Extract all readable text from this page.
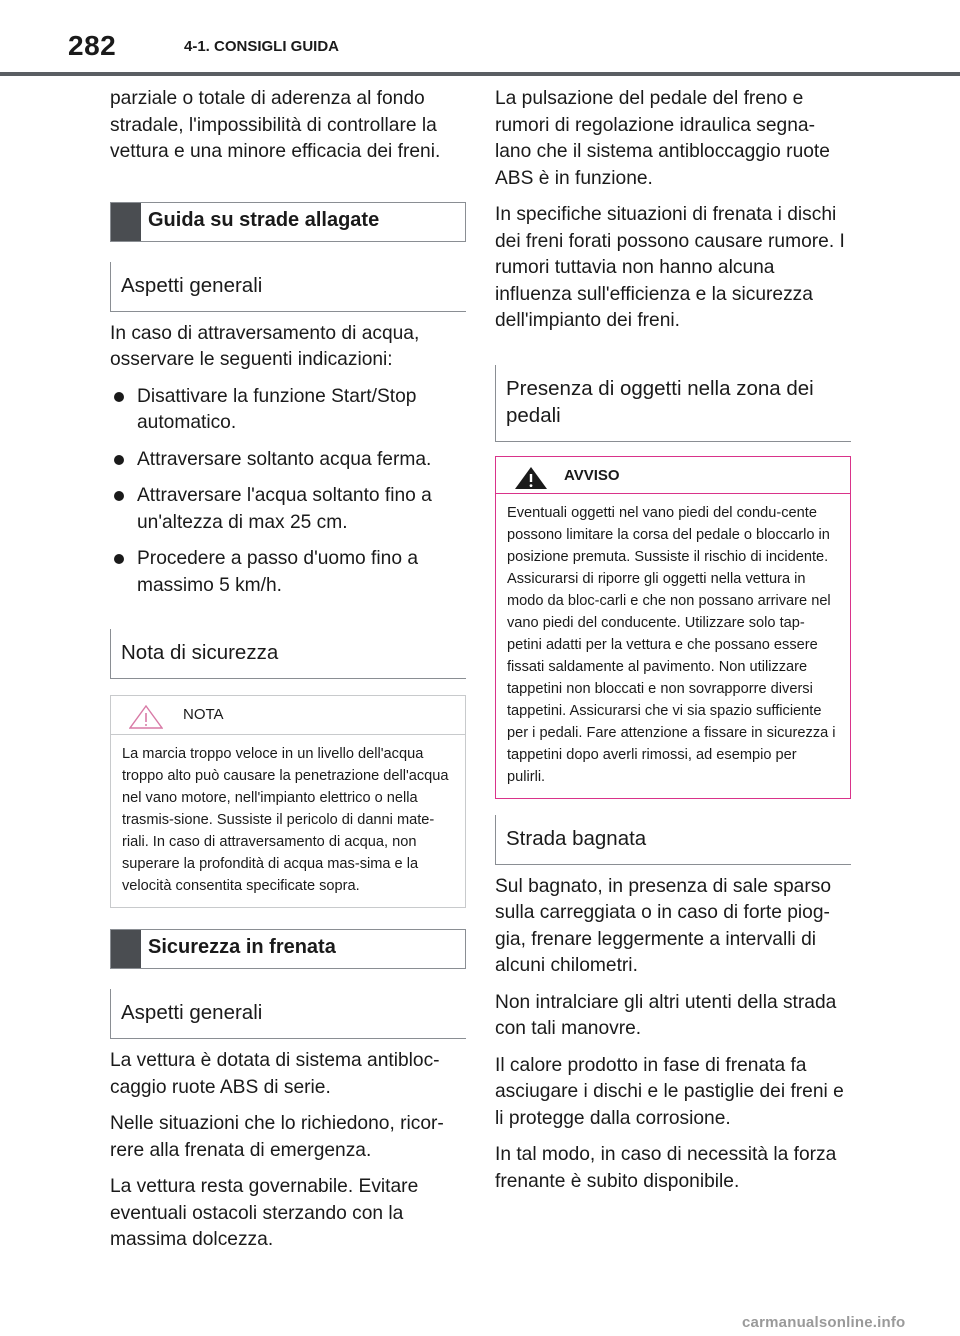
282	4-1. CONSIGLI GUIDA

parziale o totale di aderenza al fondo stradale, l'impossibilità di controllare la vettura e una minore efficacia dei freni.

Guida su strade allagate
Aspetti generali

In caso di attraversamento di acqua, osservare le seguenti indicazioni:

Disattivare la funzione Start/Stop automatico.
Attraversare soltanto acqua ferma.
Attraversare l'acqua soltanto fino a un'altezza di max 25 cm.
Procedere a passo d'uomo fino a massimo 5 km/h.
Nota di sicurezza
NOTA
La marcia troppo veloce in un livello dell'acqua troppo alto può causare la penetrazione dell'acqua nel vano motore, nell'impianto elettrico o nella trasmis-sione. Sussiste il pericolo di danni mate-riali. In caso di attraversamento di acqua, non superare la profondità di acqua mas-sima e la velocità consentita specificate sopra.
Sicurezza in frenata
Aspetti generali

La vettura è dotata di sistema antibloc-caggio ruote ABS di serie.

Nelle situazioni che lo richiedono, ricor-rere alla frenata di emergenza.

La vettura resta governabile. Evitare eventuali ostacoli sterzando con la massima dolcezza.

La pulsazione del pedale del freno e rumori di regolazione idraulica segna-lano che il sistema antibloccaggio ruote ABS è in funzione.

In specifiche situazioni di frenata i dischi dei freni forati possono causare rumore. I rumori tuttavia non hanno alcuna influenza sull'efficienza e la sicurezza dell'impianto dei freni.

Presenza di oggetti nella zona dei pedali
AVVISO
Eventuali oggetti nel vano piedi del condu-cente possono limitare la corsa del pedale o bloccarlo in posizione premuta. Sussiste il rischio di incidente. Assicurarsi di riporre gli oggetti nella vettura in modo da bloc-carli e che non possano arrivare nel vano piedi del conducente. Utilizzare solo tap-petini adatti per la vettura e che possano essere fissati saldamente al pavimento. Non utilizzare tappetini non bloccati e non sovrapporre diversi tappetini. Assicurarsi che vi sia spazio sufficiente per i pedali. Fare attenzione a fissare in sicurezza i tappetini dopo averli rimossi, ad esempio per pulirli.
Strada bagnata

Sul bagnato, in presenza di sale sparso sulla carreggiata o in caso di forte piog-gia, frenare leggermente a intervalli di alcuni chilometri.

Non intralciare gli altri utenti della strada con tali manovre.

Il calore prodotto in fase di frenata fa asciugare i dischi e le pastiglie dei freni e li protegge dalla corrosione.

In tal modo, in caso di necessità la forza frenante è subito disponibile.

carmanualsonline.info
